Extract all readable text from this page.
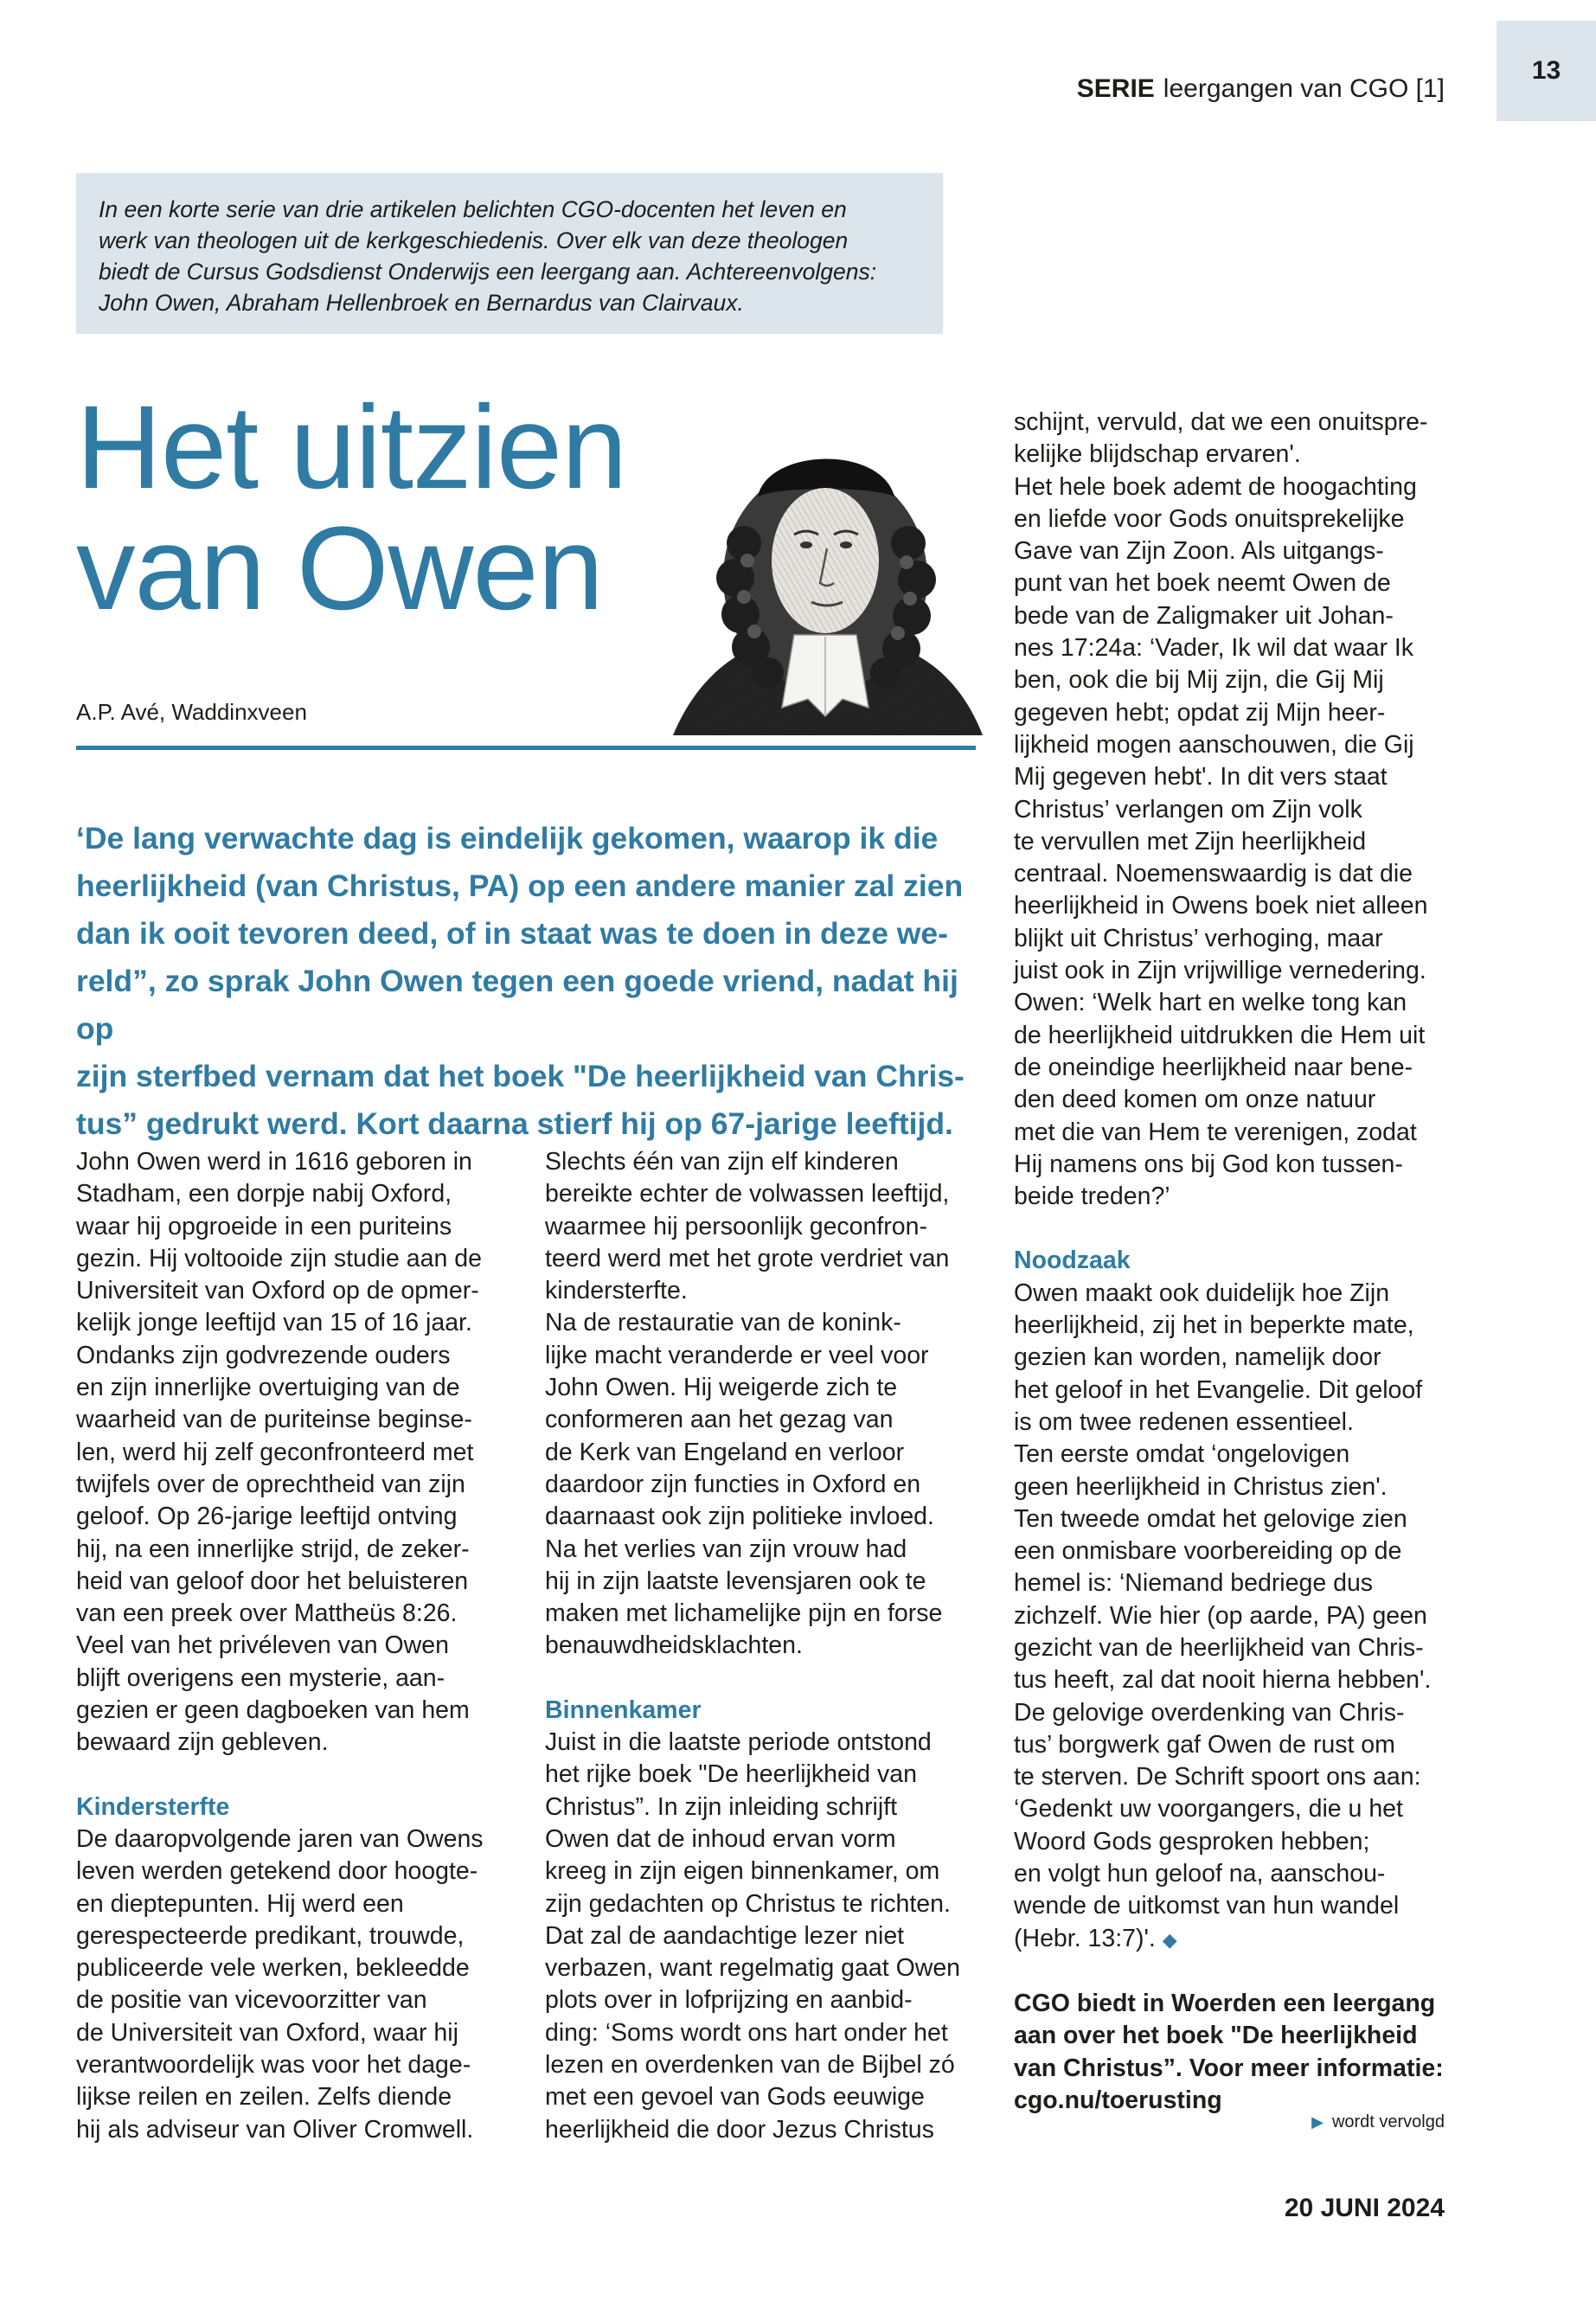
SERIE leergangen van CGO [1]
13

In een korte serie van drie artikelen belichten CGO-docenten het leven en
werk van theologen uit de kerkgeschiedenis. Over elk van deze theologen
biedt de Cursus Godsdienst Onderwijs een leergang aan. Achtereenvolgens:
John Owen, Abraham Hellenbroek en Bernardus van Clairvaux.

Het uitzien
van Owen
A.P. Avé, Waddinxveen

‘De lang verwachte dag is eindelijk gekomen, waarop ik die
heerlijkheid (van Christus, PA) op een andere manier zal zien
dan ik ooit tevoren deed, of in staat was te doen in deze we-
reld”, zo sprak John Owen tegen een goede vriend, nadat hij op
zijn sterfbed vernam dat het boek "De heerlijkheid van Chris-
tus” gedrukt werd. Kort daarna stierf hij op 67-jarige leeftijd.

John Owen werd in 1616 geboren in
Stadham, een dorpje nabij Oxford,
waar hij opgroeide in een puriteins
gezin. Hij voltooide zijn studie aan de
Universiteit van Oxford op de opmer-
kelijk jonge leeftijd van 15 of 16 jaar.
Ondanks zijn godvrezende ouders
en zijn innerlijke overtuiging van de
waarheid van de puriteinse beginse-
len, werd hij zelf geconfronteerd met
twijfels over de oprechtheid van zijn
geloof. Op 26-jarige leeftijd ontving
hij, na een innerlijke strijd, de zeker-
heid van geloof door het beluisteren
van een preek over Mattheüs 8:26.
Veel van het privéleven van Owen
blijft overigens een mysterie, aan-
gezien er geen dagboeken van hem
bewaard zijn gebleven.
Kindersterfte
De daaropvolgende jaren van Owens
leven werden getekend door hoogte-
en dieptepunten. Hij werd een
gerespecteerde predikant, trouwde,
publiceerde vele werken, bekleedde
de positie van vicevoorzitter van
de Universiteit van Oxford, waar hij
verantwoordelijk was voor het dage-
lijkse reilen en zeilen. Zelfs diende
hij als adviseur van Oliver Cromwell.
Slechts één van zijn elf kinderen
bereikte echter de volwassen leeftijd,
waarmee hij persoonlijk geconfron-
teerd werd met het grote verdriet van
kindersterfte.
Na de restauratie van de konink-
lijke macht veranderde er veel voor
John Owen. Hij weigerde zich te
conformeren aan het gezag van
de Kerk van Engeland en verloor
daardoor zijn functies in Oxford en
daarnaast ook zijn politieke invloed.
Na het verlies van zijn vrouw had
hij in zijn laatste levensjaren ook te
maken met lichamelijke pijn en forse
benauwdheidsklachten.
Binnenkamer
Juist in die laatste periode ontstond
het rijke boek "De heerlijkheid van
Christus”. In zijn inleiding schrijft
Owen dat de inhoud ervan vorm
kreeg in zijn eigen binnenkamer, om
zijn gedachten op Christus te richten.
Dat zal de aandachtige lezer niet
verbazen, want regelmatig gaat Owen
plots over in lofprijzing en aanbid-
ding: ‘Soms wordt ons hart onder het
lezen en overdenken van de Bijbel zó
met een gevoel van Gods eeuwige
heerlijkheid die door Jezus Christus
schijnt, vervuld, dat we een onuitspre-
kelijke blijdschap ervaren'.
Het hele boek ademt de hoogachting
en liefde voor Gods onuitsprekelijke
Gave van Zijn Zoon. Als uitgangs-
punt van het boek neemt Owen de
bede van de Zaligmaker uit Johan-
nes 17:24a: ‘Vader, Ik wil dat waar Ik
ben, ook die bij Mij zijn, die Gij Mij
gegeven hebt; opdat zij Mijn heer-
lijkheid mogen aanschouwen, die Gij
Mij gegeven hebt'. In dit vers staat
Christus’ verlangen om Zijn volk
te vervullen met Zijn heerlijkheid
centraal. Noemenswaardig is dat die
heerlijkheid in Owens boek niet alleen
blijkt uit Christus’ verhoging, maar
juist ook in Zijn vrijwillige vernedering.
Owen: ‘Welk hart en welke tong kan
de heerlijkheid uitdrukken die Hem uit
de oneindige heerlijkheid naar bene-
den deed komen om onze natuur
met die van Hem te verenigen, zodat
Hij namens ons bij God kon tussen-
beide treden?’
Noodzaak
Owen maakt ook duidelijk hoe Zijn
heerlijkheid, zij het in beperkte mate,
gezien kan worden, namelijk door
het geloof in het Evangelie. Dit geloof
is om twee redenen essentieel.
Ten eerste omdat ‘ongelovigen
geen heerlijkheid in Christus zien'.
Ten tweede omdat het gelovige zien
een onmisbare voorbereiding op de
hemel is: ‘Niemand bedriege dus
zichzelf. Wie hier (op aarde, PA) geen
gezicht van de heerlijkheid van Chris-
tus heeft, zal dat nooit hierna hebben'.
De gelovige overdenking van Chris-
tus’ borgwerk gaf Owen de rust om
te sterven. De Schrift spoort ons aan:
‘Gedenkt uw voorgangers, die u het
Woord Gods gesproken hebben;
en volgt hun geloof na, aanschou-
wende de uitkomst van hun wandel
(Hebr. 13:7)'. ◆
CGO biedt in Woerden een leergang
aan over het boek "De heerlijkheid
van Christus”. Voor meer informatie:
cgo.nu/toerusting
▶ wordt vervolgd
20 JUNI 2024
